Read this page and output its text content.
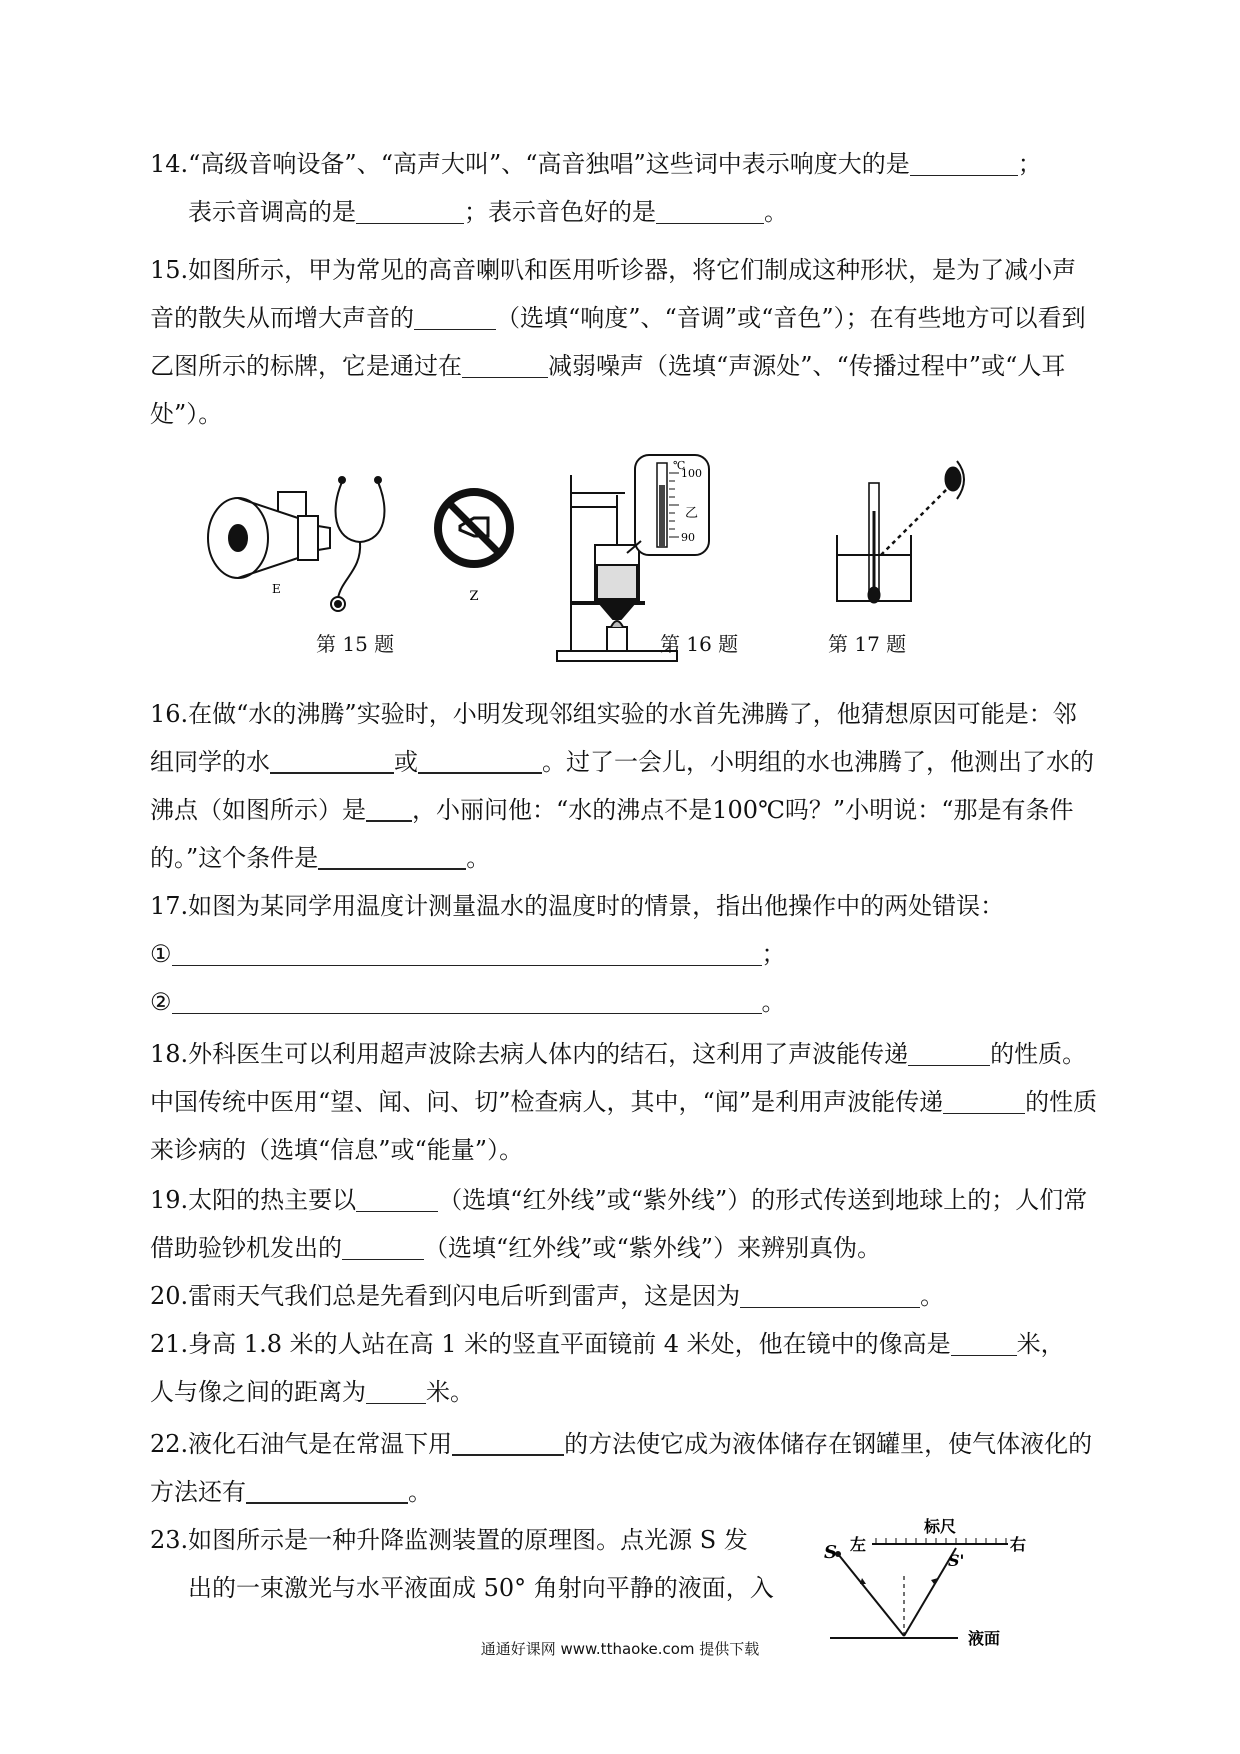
14.“高级音响设备”、“高声大叫”、“高音独唱”这些词中表示响度大的是	；

表示音调高的是	；表示音色好的是	。

15.如图所示，甲为常见的高音喇叭和医用听诊器，将它们制成这种形状，是为了减小声音的散失从而增大声音的	（选填“响度”、“音调”或“音色”）；在有些地方可以看到乙图所示的标牌，它是通过在	减弱噪声（选填“声源处”、“传播过程中”或“人耳处”）。

E	Z
℃
100
90
乙
第 15 题	第 16 题	第 17 题

16.在做“水的沸腾”实验时，小明发现邻组实验的水首先沸腾了，他猜想原因可能是：邻组同学的水	或	。过了一会儿，小明组的水也沸腾了，他测出了水的沸点（如图所示）是 ，小丽问他：“水的沸点不是100℃吗？”小明说：“那是有条件的。”这个条件是	。

17.如图为某同学用温度计测量温水的温度时的情景，指出他操作中的两处错误：

①	；

②	。

18.外科医生可以利用超声波除去病人体内的结石，这利用了声波能传递	的性质。中国传统中医用“望、闻、问、切”检查病人，其中，“闻”是利用声波能传递	的性质来诊病的（选填“信息”或“能量”）。

19.太阳的热主要以	（选填“红外线”或“紫外线”）的形式传送到地球上的；人们常借助验钞机发出的	（选填“红外线”或“紫外线”）来辨别真伪。

20.雷雨天气我们总是先看到闪电后听到雷声，这是因为	。

21.身高 1.8 米的人站在高 1 米的竖直平面镜前 4 米处，他在镜中的像高是	米，

人与像之间的距离为	米。

22.液化石油气是在常温下用	的方法使它成为液体储存在钢罐里，使气体液化的方法还有	。

23.如图所示是一种升降监测装置的原理图。点光源 S 发

出的一束激光与水平液面成 50° 角射向平静的液面，入

S	S'
标尺
左	右
液面
通通好课网 www.tthaoke.com 提供下载
